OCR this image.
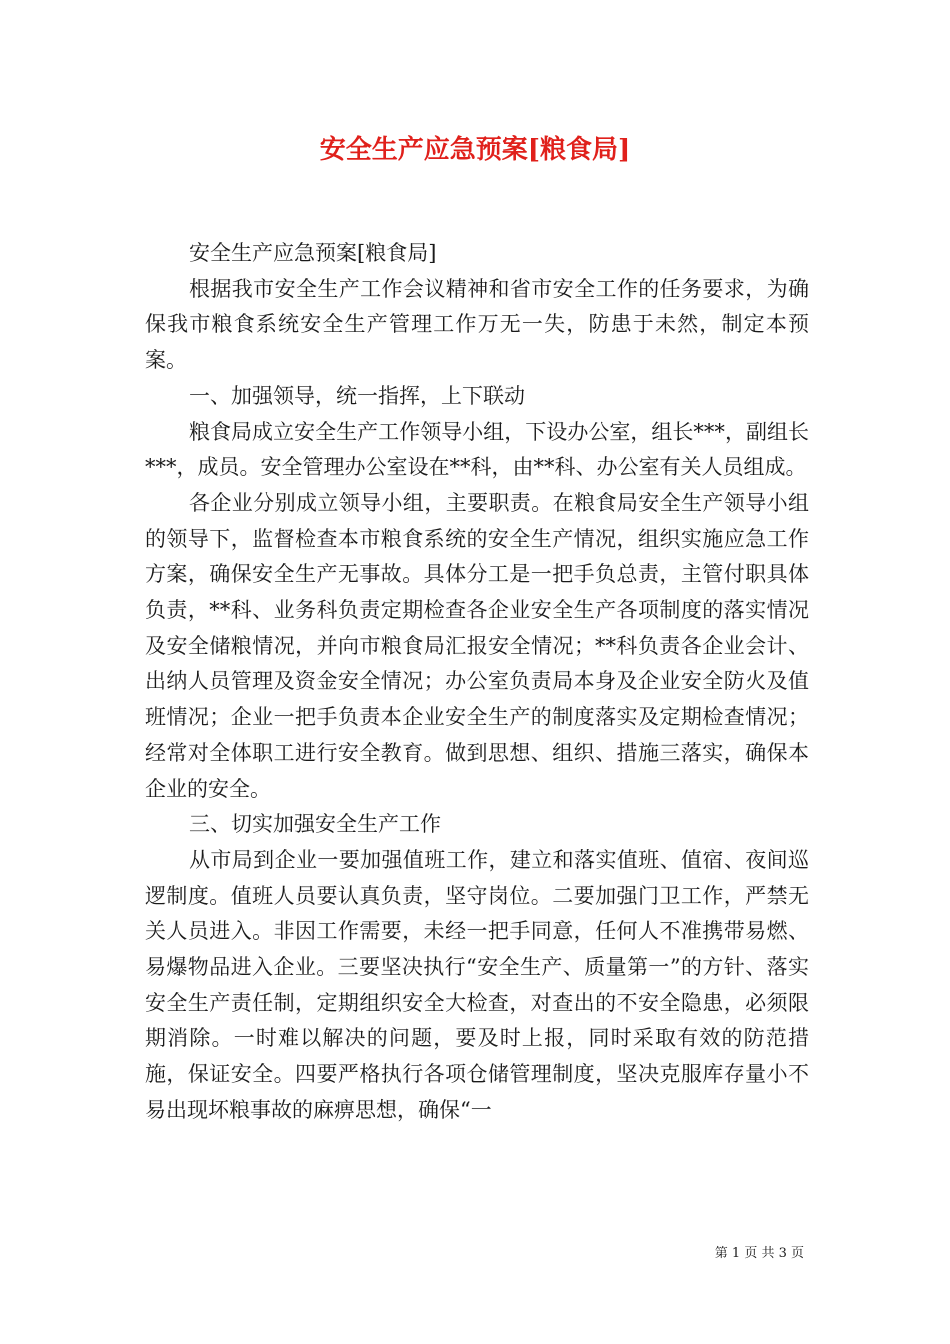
安全生产应急预案[粮食局]

安全生产应急预案[粮食局]

根据我市安全生产工作会议精神和省市安全工作的任务要求，为确保我市粮食系统安全生产管理工作万无一失，防患于未然，制定本预案。

一、加强领导，统一指挥，上下联动

粮食局成立安全生产工作领导小组，下设办公室，组长***，副组长***，成员。安全管理办公室设在**科，由**科、办公室有关人员组成。

各企业分别成立领导小组，主要职责。在粮食局安全生产领导小组的领导下，监督检查本市粮食系统的安全生产情况，组织实施应急工作方案，确保安全生产无事故。具体分工是一把手负总责，主管付职具体负责，**科、业务科负责定期检查各企业安全生产各项制度的落实情况及安全储粮情况，并向市粮食局汇报安全情况；**科负责各企业会计、出纳人员管理及资金安全情况；办公室负责局本身及企业安全防火及值班情况；企业一把手负责本企业安全生产的制度落实及定期检查情况；经常对全体职工进行安全教育。做到思想、组织、措施三落实，确保本企业的安全。

三、切实加强安全生产工作

从市局到企业一要加强值班工作，建立和落实值班、值宿、夜间巡逻制度。值班人员要认真负责，坚守岗位。二要加强门卫工作，严禁无关人员进入。非因工作需要，未经一把手同意，任何人不准携带易燃、易爆物品进入企业。三要坚决执行“安全生产、质量第一”的方针、落实安全生产责任制，定期组织安全大检查，对查出的不安全隐患，必须限期消除。一时难以解决的问题，要及时上报，同时采取有效的防范措施，保证安全。四要严格执行各项仓储管理制度，坚决克服库存量小不易出现坏粮事故的麻痹思想，确保“一

第 1 页 共 3 页
